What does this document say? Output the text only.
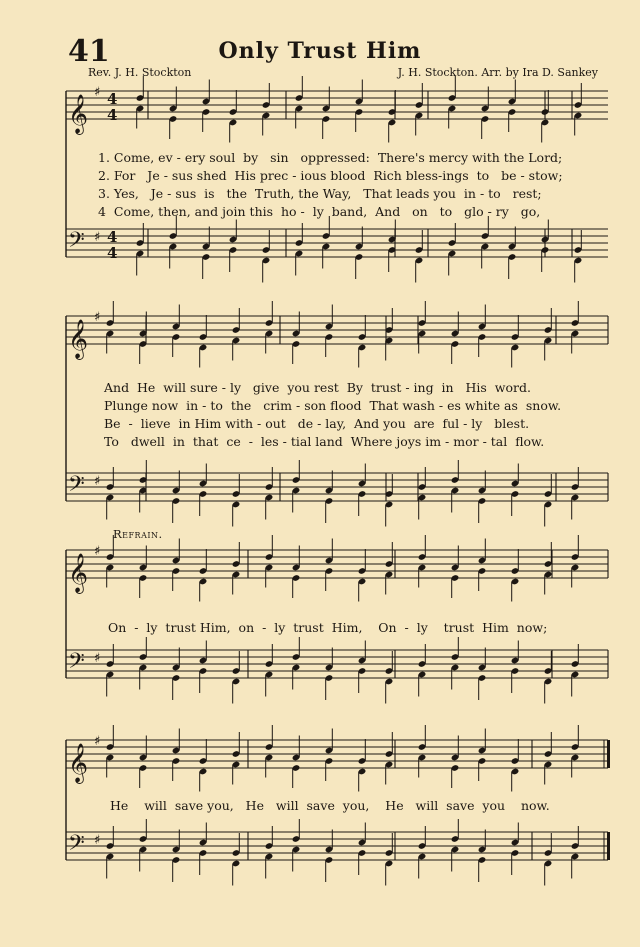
41	Only Trust Him
Rev. J. H. Stockton	J. H. Stockton. Arr. by Ira D. Sankey
Refrain.
1. Come, ev - ery soul  by   sin   oppressed:  There's mercy with the Lord;
2. For   Je - sus shed  His prec - ious blood  Rich bless-ings  to   be - stow;
3. Yes,   Je - sus  is   the  Truth, the Way,   That leads you  in - to   rest;
4  Come, then, and join this  ho -  ly  band,  And   on   to   glo - ry   go,
And  He  will sure - ly   give  you rest  By  trust - ing  in   His  word.
Plunge now  in - to  the   crim - son flood  That wash - es white as  snow.
Be  -  lieve  in Him with - out   de - lay,  And you  are  ful - ly   blest.
To   dwell  in  that  ce  -  les - tial land  Where joys im - mor - tal  flow.
On  -  ly  trust Him,  on  -  ly  trust  Him,    On  -  ly    trust  Him  now;
He    will  save you,   He   will  save  you,    He   will  save  you    now.
𝄞
𝄢
♯
♯
4
4
4
4
𝄞
𝄢
♯
♯
𝄞
𝄢
♯
♯
𝄞
𝄢
♯
♯
